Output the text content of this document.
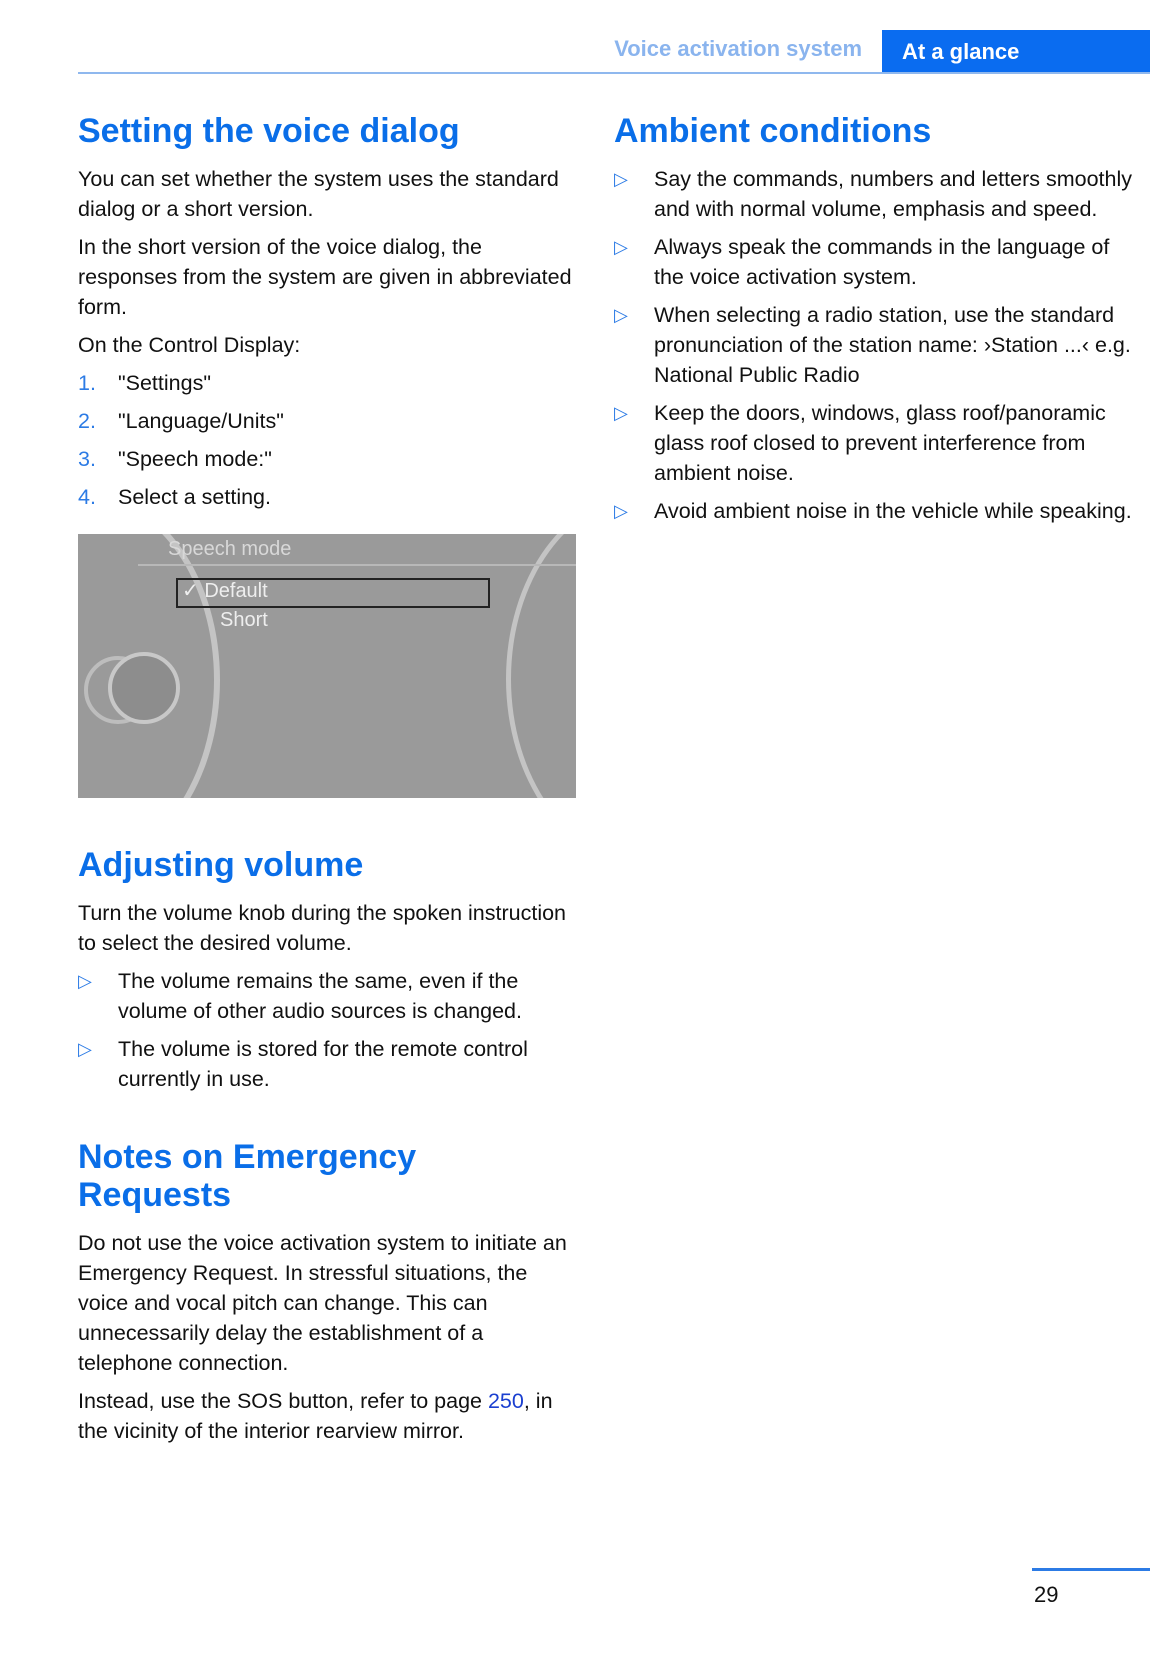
Voice activation system	At a glance
Setting the voice dialog

You can set whether the system uses the standard dialog or a short version.

In the short version of the voice dialog, the responses from the system are given in abbreviated form.

On the Control Display:

1.	"Settings"
2.	"Language/Units"
3.	"Speech mode:"
4.	Select a setting.
Speech mode
✓ Default
Short
Adjusting volume

Turn the volume knob during the spoken instruction to select the desired volume.

▷	The volume remains the same, even if the volume of other audio sources is changed.
▷	The volume is stored for the remote control currently in use.
Notes on Emergency Requests

Do not use the voice activation system to initiate an Emergency Request. In stressful situations, the voice and vocal pitch can change. This can unnecessarily delay the establishment of a telephone connection.

Instead, use the SOS button, refer to page 250, in the vicinity of the interior rearview mirror.

Ambient conditions
▷	Say the commands, numbers and letters smoothly and with normal volume, emphasis and speed.
▷	Always speak the commands in the language of the voice activation system.
▷	When selecting a radio station, use the standard pronunciation of the station name: ›Station ...‹ e.g. National Public Radio
▷	Keep the doors, windows, glass roof/panoramic glass roof closed to prevent interference from ambient noise.
▷	Avoid ambient noise in the vehicle while speaking.
29
